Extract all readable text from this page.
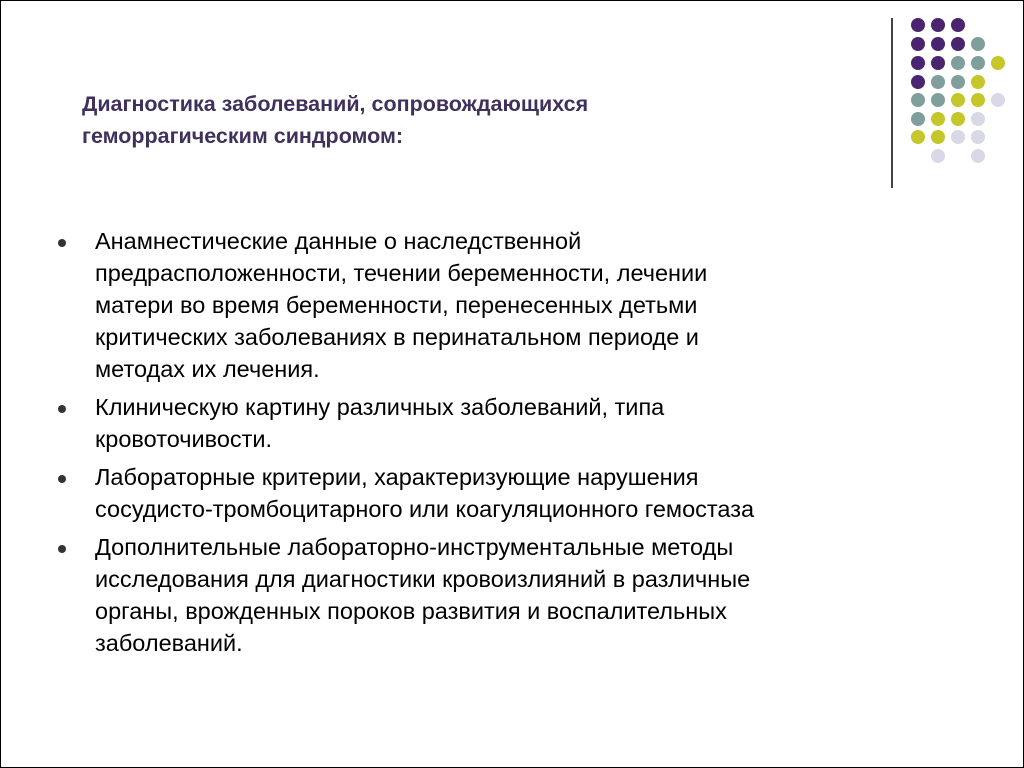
Диагностика заболеваний, сопровождающихся
геморрагическим синдромом:
Анамнестические данные о наследственной
предрасположенности, течении беременности, лечении
матери во время беременности, перенесенных детьми
критических заболеваниях в перинатальном периоде и
методах их лечения.
Клиническую картину различных заболеваний, типа
кровоточивости.
Лабораторные критерии, характеризующие нарушения
сосудисто-тромбоцитарного или коагуляционного гемостаза
Дополнительные лабораторно-инструментальные методы
исследования для диагностики кровоизлияний в различные
органы, врожденных пороков развития и воспалительных
заболеваний.
